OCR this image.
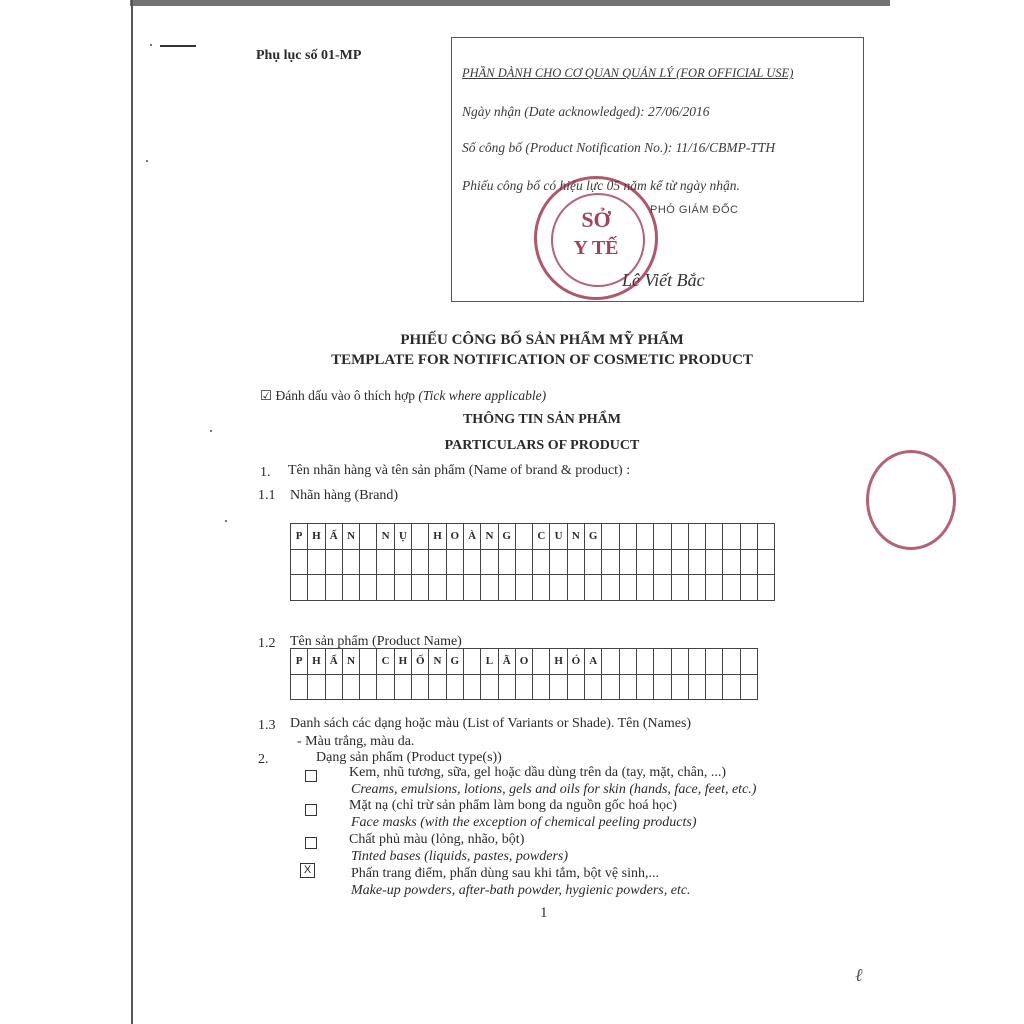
Phụ lục số 01-MP
PHẦN DÀNH CHO CƠ QUAN QUẢN LÝ (FOR OFFICIAL USE)
Ngày nhận (Date acknowledged): 27/06/2016
Số công bố (Product Notification No.): 11/16/CBMP-TTH
Phiếu công bố có hiệu lực 05 năm kể từ ngày nhận.
PHÓ GIÁM ĐỐC
Lê Viết Bắc
SỞ
Y TẾ
PHIẾU CÔNG BỐ SẢN PHẨM MỸ PHẨM
TEMPLATE FOR NOTIFICATION OF COSMETIC PRODUCT
☑ Đánh dấu vào ô thích hợp (Tick where applicable)
THÔNG TIN SẢN PHẨM
PARTICULARS OF PRODUCT
1. Tên nhãn hàng và tên sản phẩm (Name of brand & product) :
1.1 Nhãn hàng (Brand)
P	H	Ấ	N		N	Ụ		H	O	À	N	G		C	U	N	G										

1.2 Tên sản phẩm (Product Name)
P	H	Ấ	N		C	H	Ố	N	G		L	Ã	O		H	Ó	A									

1.3 Danh sách các dạng hoặc màu (List of Variants or Shade). Tên (Names)
- Màu trắng, màu da.
2.	Dạng sản phẩm (Product type(s))
Kem, nhũ tương, sữa, gel hoặc dầu dùng trên da (tay, mặt, chân, ...)
Creams, emulsions, lotions, gels and oils for skin (hands, face, feet, etc.)
Mặt nạ (chỉ trừ sản phẩm làm bong da nguồn gốc hoá học)
Face masks (with the exception of chemical peeling products)
Chất phủ màu (lỏng, nhão, bột)
Tinted bases (liquids, pastes, powders)
X	Phấn trang điểm, phấn dùng sau khi tắm, bột vệ sinh,...
Make-up powders, after-bath powder, hygienic powders, etc.
1
ℓ
